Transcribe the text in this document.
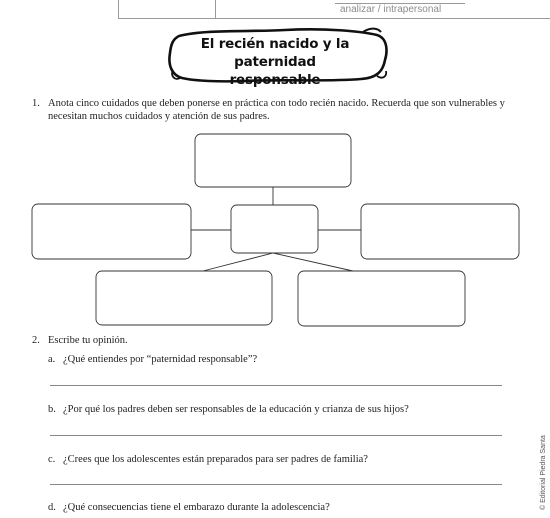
analizar / intrapersonal
El recién nacido y la paternidad
responsable
1. Anota cinco cuidados que deben ponerse en práctica con todo recién nacido. Recuerda que son vulnerables y necesitan muchos cuidados y atención de sus padres.
2. Escribe tu opinión.
a. ¿Qué entiendes por “paternidad responsable”?
b. ¿Por qué los padres deben ser responsables de la educación y crianza de sus hijos?
c. ¿Crees que los adolescentes están preparados para ser padres de familia?
d. ¿Qué consecuencias tiene el embarazo durante la adolescencia?	© Editorial Piedra Santa
